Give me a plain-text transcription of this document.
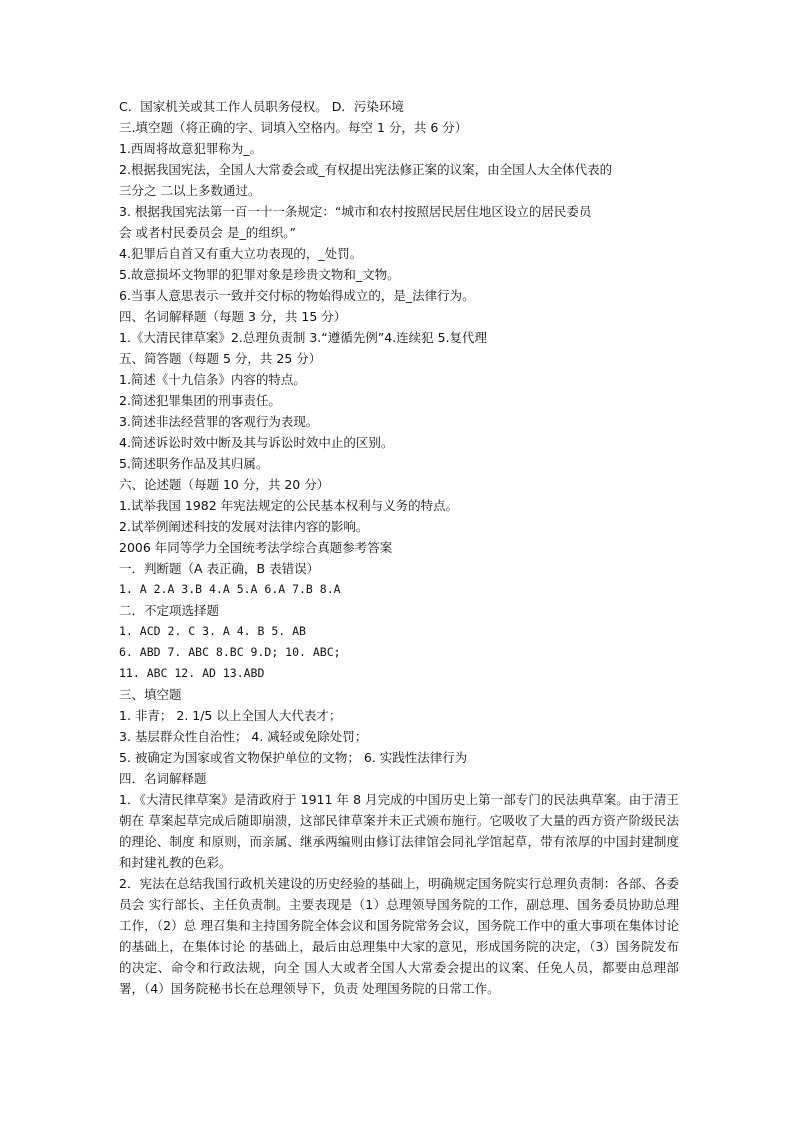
C．国家机关或其工作人员职务侵权。 D．污染环境
三.填空题（将正确的字、词填入空格内。每空 1 分，共 6 分）
1.西周将故意犯罪称为_。
2.根据我国宪法，全国人大常委会或_有权提出宪法修正案的议案，由全国人大全体代表的
三分之 二以上多数通过。
3. 根据我国宪法第一百一十一条规定：“城市和农村按照居民居住地区设立的居民委员
会 或者村民委员会 是_的组织。”
4.犯罪后自首又有重大立功表现的，_处罚。
5.故意损坏文物罪的犯罪对象是珍贵文物和_文物。
6.当事人意思表示一致并交付标的物始得成立的，是_法律行为。
四、名词解释题（每题 3 分，共 15 分）
1.《大清民律草案》2.总理负责制 3.“遵循先例”4.连续犯 5.复代理
五、简答题（每题 5 分，共 25 分）
1.简述《十九信条》内容的特点。
2.简述犯罪集团的刑事责任。
3.简述非法经营罪的客观行为表现。
4.简述诉讼时效中断及其与诉讼时效中止的区别。
5.简述职务作品及其归属。
六、论述题（每题 10 分，共 20 分）
1.试举我国 1982 年宪法规定的公民基本权利与义务的特点。
2.试举例阐述科技的发展对法律内容的影响。
2006 年同等学力全国统考法学综合真题参考答案
一．判断题（A 表正确，B 表错误）
1. A 2.A 3.B 4.A 5.A 6.A 7.B 8.A
二．不定项选择题
1. ACD 2. C 3. A 4. B 5. AB
6. ABD 7. ABC 8.BC 9.D; 10. ABC;
11. ABC 12. AD 13.ABD
三、填空题
1. 非青； 2. 1/5 以上全国人大代表才；
3. 基层群众性自治性； 4. 减轻或免除处罚；
5. 被确定为国家或省文物保护单位的文物； 6. 实践性法律行为
四．名词解释题
1．《大清民律草案》是清政府于 1911 年 8 月完成的中国历史上第一部专门的民法典草案。由于清王朝在 草案起草完成后随即崩溃，这部民律草案并未正式颁布施行。它吸收了大量的西方资产阶级民法的理论、制度 和原则，而亲属、继承两编则由修订法律馆会同礼学馆起草，带有浓厚的中国封建制度和封建礼教的色彩。
2．宪法在总结我国行政机关建设的历史经验的基础上，明确规定国务院实行总理负责制：各部、各委员会 实行部长、主任负责制。主要表现是（1）总理领导国务院的工作，副总理、国务委员协助总理工作，（2）总 理召集和主持国务院全体会议和国务院常务会议，国务院工作中的重大事项在集体讨论的基础上，在集体讨论 的基础上，最后由总理集中大家的意见，形成国务院的决定，（3）国务院发布的决定、命令和行政法规，向全 国人大或者全国人大常委会提出的议案、任免人员，都要由总理部署，（4）国务院秘书长在总理领导下，负责 处理国务院的日常工作。
